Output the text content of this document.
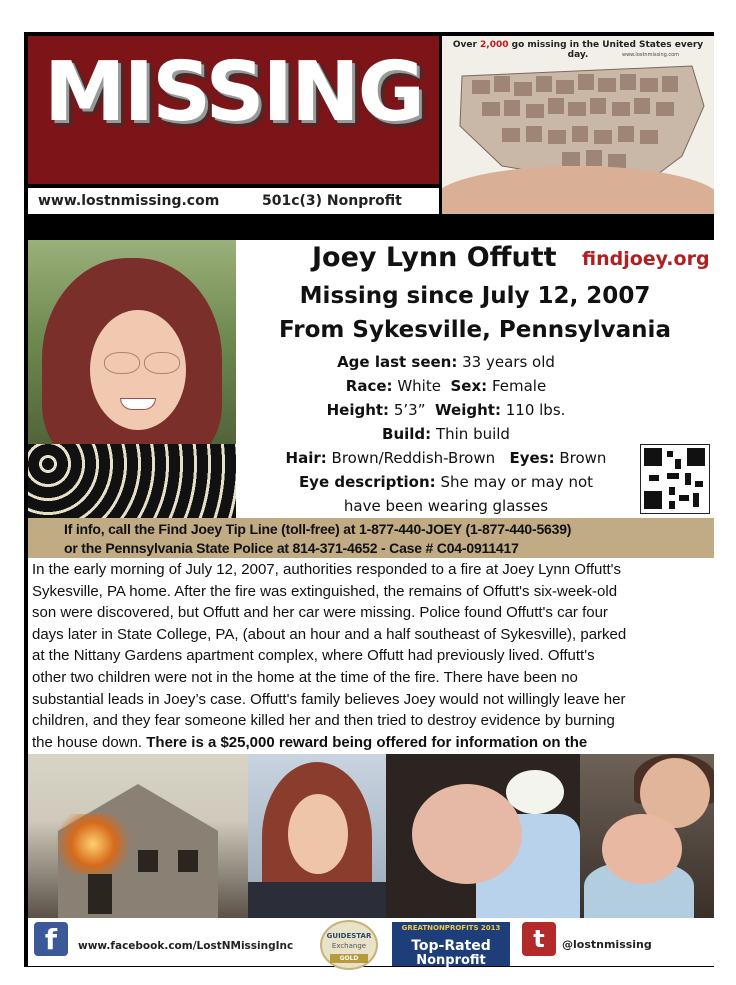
MISSING
www.lostnmissing.com	501c(3) Nonprofit
Over 2,000 go missing in the United States every day.	www.lostnmissing.com
Joey Lynn Offutt findjoey.org
Missing since July 12, 2007
From Sykesville, Pennsylvania
Age last seen: 33 years old
Race: White Sex: Female
Height: 5’3” Weight: 110 lbs.
Build: Thin build
Hair: Brown/Reddish-Brown Eyes: Brown
Eye description: She may or may not
have been wearing glasses
If info, call the Find Joey Tip Line (toll-free) at 1-877-440-JOEY (1-877-440-5639)
or the Pennsylvania State Police at 814-371-4652 - Case # C04-0911417

In the early morning of July 12, 2007, authorities responded to a fire at Joey Lynn Offutt's
Sykesville, PA home. After the fire was extinguished, the remains of Offutt's six-week-old
son were discovered, but Offutt and her car were missing. Police found Offutt's car four
days later in State College, PA, (about an hour and a half southeast of Sykesville), parked
at the Nittany Gardens apartment complex, where Offutt had previously lived. Offutt's
other two children were not in the home at the time of the fire. There have been no
substantial leads in Joey’s case. Offutt's family believes Joey would not willingly leave her
children, and they fear someone killed her and then tried to destroy evidence by burning
the house down. There is a $25,000 reward being offered for information on the

f	www.facebook.com/LostNMissingInc
GUIDESTAR
Exchange
GOLD
GREATNONPROFITS 2013
Top-Rated
Nonprofit
t	@lostnmissing
